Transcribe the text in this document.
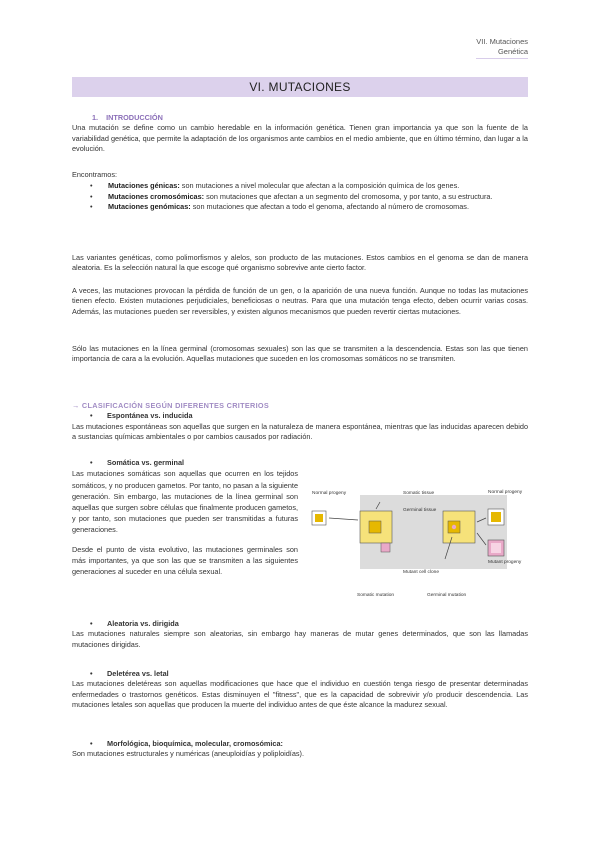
VII. Mutaciones
Genética
VI. MUTACIONES
1. INTRODUCCIÓN
Una mutación se define como un cambio heredable en la información genética. Tienen gran importancia ya que son la fuente de la variabilidad genética, que permite la adaptación de los organismos ante cambios en el medio ambiente, que en último término, dan lugar a la evolución.
Encontramos:
• Mutaciones génicas: son mutaciones a nivel molecular que afectan a la composición química de los genes.
• Mutaciones cromosómicas: son mutaciones que afectan a un segmento del cromosoma, y por tanto, a su estructura.
• Mutaciones genómicas: son mutaciones que afectan a todo el genoma, afectando al número de cromosomas.
Las variantes genéticas, como polimorfismos y alelos, son producto de las mutaciones. Estos cambios en el genoma se dan de manera aleatoria. Es la selección natural la que escoge qué organismo sobrevive ante cierto factor.
A veces, las mutaciones provocan la pérdida de función de un gen, o la aparición de una nueva función. Aunque no todas las mutaciones tienen efecto. Existen mutaciones perjudiciales, beneficiosas o neutras. Para que una mutación tenga efecto, deben ocurrir varias cosas. Además, las mutaciones pueden ser reversibles, y existen algunos mecanismos que pueden revertir ciertas mutaciones.
Sólo las mutaciones en la línea germinal (cromosomas sexuales) son las que se transmiten a la descendencia. Estas son las que tienen importancia de cara a la evolución. Aquellas mutaciones que suceden en los cromosomas somáticos no se transmiten.
→ CLASIFICACIÓN SEGÚN DIFERENTES CRITERIOS
• Espontánea vs. inducida
Las mutaciones espontáneas son aquellas que surgen en la naturaleza de manera espontánea, mientras que las inducidas aparecen debido a sustancias químicas ambientales o por cambios causados por radiación.
• Somática vs. germinal
Las mutaciones somáticas son aquellas que ocurren en los tejidos somáticos, y no producen gametos. Por tanto, no pasan a la siguiente generación. Sin embargo, las mutaciones de la línea germinal son aquellas que surgen sobre células que finalmente producen gametos, y por tanto, son mutaciones que pueden ser transmitidas a futuras generaciones.
Desde el punto de vista evolutivo, las mutaciones germinales son más importantes, ya que son las que se transmiten a las siguientes generaciones al suceder en una célula sexual.
Normal progeny	Somatic tissue
Germinal tissue
Normal progeny
Mutant cell clone
Mutant progeny
Somatic mutation	Germinal mutation
• Aleatoria vs. dirigida
Las mutaciones naturales siempre son aleatorias, sin embargo hay maneras de mutar genes determinados, que son las llamadas mutaciones dirigidas.
• Deletérea vs. letal
Las mutaciones deletéreas son aquellas modificaciones que hace que el individuo en cuestión tenga riesgo de presentar determinadas enfermedades o trastornos genéticos. Estas disminuyen el "fitness", que es la capacidad de sobrevivir y/o producir descendencia. Las mutaciones letales son aquellas que producen la muerte del individuo antes de que éste alcance la madurez sexual.
• Morfológica, bioquímica, molecular, cromosómica:
Son mutaciones estructurales y numéricas (aneuploidías y poliploidías).
